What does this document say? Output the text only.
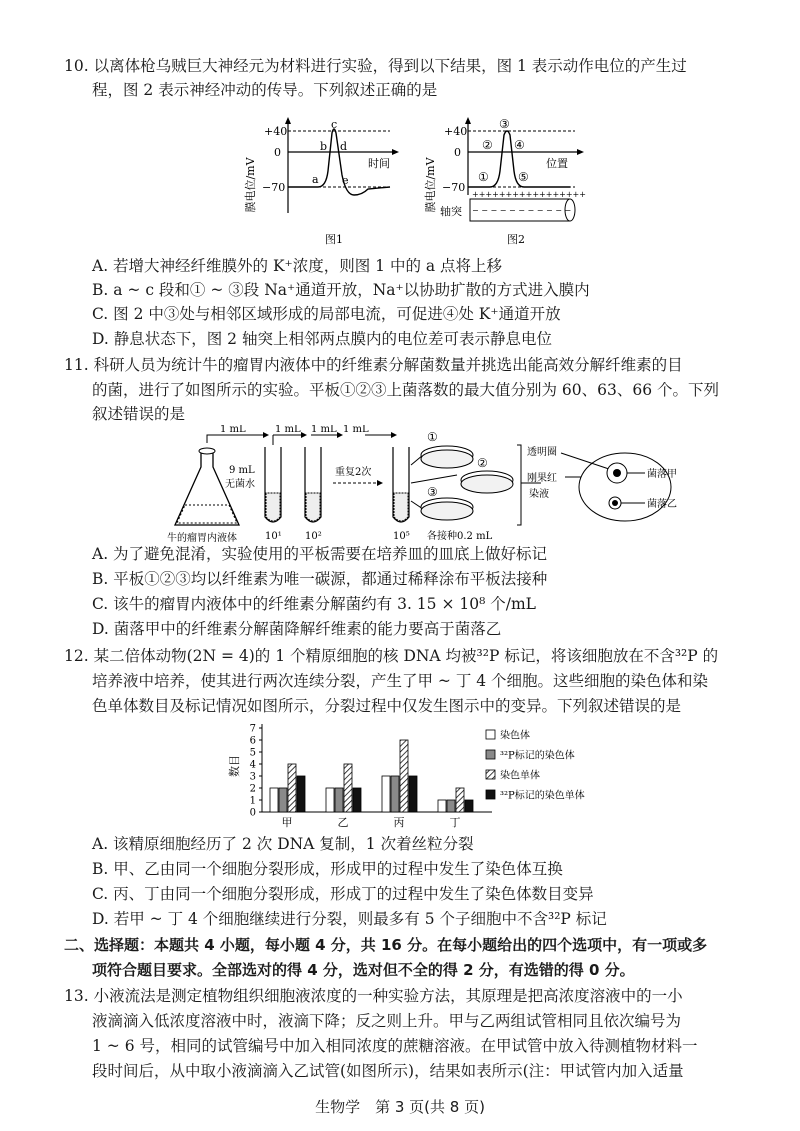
10. 以离体枪乌贼巨大神经元为材料进行实验，得到以下结果，图 1 表示动作电位的产生过
程，图 2 表示神经冲动的传导。下列叙述正确的是
膜电位/mV
+40
0
−70
a
b
c
d
e
时间
图1
膜电位/mV
+40
0
−70
①
②
③
④
⑤
位置
轴突
+++++++++++++++++
− − − − − − − − − − −
图2
A. 若增大神经纤维膜外的 K⁺浓度，则图 1 中的 a 点将上移
B. a ~ c 段和① ~ ③段 Na⁺通道开放，Na⁺以协助扩散的方式进入膜内
C. 图 2 中③处与相邻区域形成的局部电流，可促进④处 K⁺通道开放
D. 静息状态下，图 2 轴突上相邻两点膜内的电位差可表示静息电位
11. 科研人员为统计牛的瘤胃内液体中的纤维素分解菌数量并挑选出能高效分解纤维素的目
的菌，进行了如图所示的实验。平板①②③上菌落数的最大值分别为 60、63、66 个。下列
叙述错误的是
牛的瘤胃内液体
1 mL	1 mL 1 mL 1 mL
9 mL
无菌水
重复2次
10¹ 10²	10⁵
①
②
③
各接种0.2 mL
透明圈
刚果红
染液
菌落甲
菌落乙
A. 为了避免混淆，实验使用的平板需要在培养皿的皿底上做好标记
B. 平板①②③均以纤维素为唯一碳源，都通过稀释涂布平板法接种
C. 该牛的瘤胃内液体中的纤维素分解菌约有 3. 15 × 10⁸ 个/mL
D. 菌落甲中的纤维素分解菌降解纤维素的能力要高于菌落乙
12. 某二倍体动物(2N = 4)的 1 个精原细胞的核 DNA 均被³²P 标记，将该细胞放在不含³²P 的
培养液中培养，使其进行两次连续分裂，产生了甲 ~ 丁 4 个细胞。这些细胞的染色体和染
色单体数目及标记情况如图所示，分裂过程中仅发生图示中的变异。下列叙述错误的是
数目
0
1
2
3
4
5
6
7
甲	乙	丙	丁
染色体
³²P标记的染色体
染色单体
³²P标记的染色单体
A. 该精原细胞经历了 2 次 DNA 复制，1 次着丝粒分裂
B. 甲、乙由同一个细胞分裂形成，形成甲的过程中发生了染色体互换
C. 丙、丁由同一个细胞分裂形成，形成丁的过程中发生了染色体数目变异
D. 若甲 ~ 丁 4 个细胞继续进行分裂，则最多有 5 个子细胞中不含³²P 标记
二、选择题：本题共 4 小题，每小题 4 分，共 16 分。在每小题给出的四个选项中，有一项或多
项符合题目要求。全部选对的得 4 分，选对但不全的得 2 分，有选错的得 0 分。
13. 小液流法是测定植物组织细胞液浓度的一种实验方法，其原理是把高浓度溶液中的一小
液滴滴入低浓度溶液中时，液滴下降；反之则上升。甲与乙两组试管相同且依次编号为
1 ~ 6 号，相同的试管编号中加入相同浓度的蔗糖溶液。在甲试管中放入待测植物材料一
段时间后，从中取小液滴滴入乙试管(如图所示)，结果如表所示(注：甲试管内加入适量
生物学　第 3 页(共 8 页)
